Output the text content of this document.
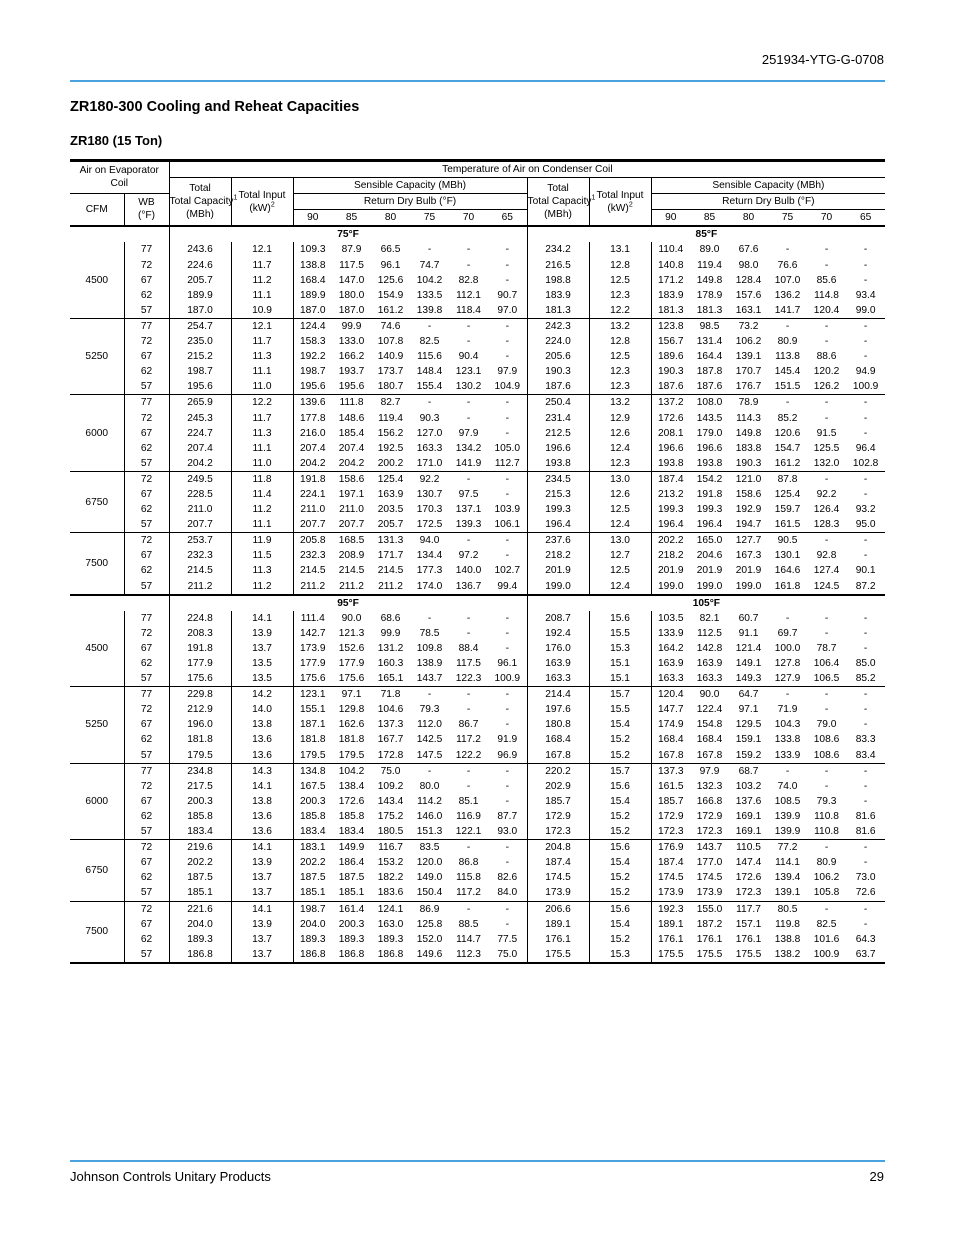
251934-YTG-G-0708
ZR180-300 Cooling and Reheat Capacities
ZR180 (15 Ton)
Air on Evaporator Coil		Temperature of Air on Condenser Coil															
		Total
Total Capacity$^1$
(MBh)	Total Input
(kW)$^2$	Sensible Capacity (MBh)						Total
Total Capacity$^1$
(MBh)	Total Input
(kW)$^2$	Sensible Capacity (MBh)					
CFM	WB
(°F)			Return Dry Bulb (°F)								Return Dry Bulb (°F)					
				90	85	80	75	70	65			90	85	80	75	70	65
		75°F								85°F							
4500	77	243.6	12.1	109.3	87.9	66.5	-	-	-	234.2	13.1	110.4	89.0	67.6	-	-	-
	72	224.6	11.7	138.8	117.5	96.1	74.7	-	-	216.5	12.8	140.8	119.4	98.0	76.6	-	-
	67	205.7	11.2	168.4	147.0	125.6	104.2	82.8	-	198.8	12.5	171.2	149.8	128.4	107.0	85.6	-
	62	189.9	11.1	189.9	180.0	154.9	133.5	112.1	90.7	183.9	12.3	183.9	178.9	157.6	136.2	114.8	93.4
	57	187.0	10.9	187.0	187.0	161.2	139.8	118.4	97.0	181.3	12.2	181.3	181.3	163.1	141.7	120.4	99.0
5250	77	254.7	12.1	124.4	99.9	74.6	-	-	-	242.3	13.2	123.8	98.5	73.2	-	-	-
	72	235.0	11.7	158.3	133.0	107.8	82.5	-	-	224.0	12.8	156.7	131.4	106.2	80.9	-	-
	67	215.2	11.3	192.2	166.2	140.9	115.6	90.4	-	205.6	12.5	189.6	164.4	139.1	113.8	88.6	-
	62	198.7	11.1	198.7	193.7	173.7	148.4	123.1	97.9	190.3	12.3	190.3	187.8	170.7	145.4	120.2	94.9
	57	195.6	11.0	195.6	195.6	180.7	155.4	130.2	104.9	187.6	12.3	187.6	187.6	176.7	151.5	126.2	100.9
6000	77	265.9	12.2	139.6	111.8	82.7	-	-	-	250.4	13.2	137.2	108.0	78.9	-	-	-
	72	245.3	11.7	177.8	148.6	119.4	90.3	-	-	231.4	12.9	172.6	143.5	114.3	85.2	-	-
	67	224.7	11.3	216.0	185.4	156.2	127.0	97.9	-	212.5	12.6	208.1	179.0	149.8	120.6	91.5	-
	62	207.4	11.1	207.4	207.4	192.5	163.3	134.2	105.0	196.6	12.4	196.6	196.6	183.8	154.7	125.5	96.4
	57	204.2	11.0	204.2	204.2	200.2	171.0	141.9	112.7	193.8	12.3	193.8	193.8	190.3	161.2	132.0	102.8
6750	72	249.5	11.8	191.8	158.6	125.4	92.2	-	-	234.5	13.0	187.4	154.2	121.0	87.8	-	-
	67	228.5	11.4	224.1	197.1	163.9	130.7	97.5	-	215.3	12.6	213.2	191.8	158.6	125.4	92.2	-
	62	211.0	11.2	211.0	211.0	203.5	170.3	137.1	103.9	199.3	12.5	199.3	199.3	192.9	159.7	126.4	93.2
	57	207.7	11.1	207.7	207.7	205.7	172.5	139.3	106.1	196.4	12.4	196.4	196.4	194.7	161.5	128.3	95.0
7500	72	253.7	11.9	205.8	168.5	131.3	94.0	-	-	237.6	13.0	202.2	165.0	127.7	90.5	-	-
	67	232.3	11.5	232.3	208.9	171.7	134.4	97.2	-	218.2	12.7	218.2	204.6	167.3	130.1	92.8	-
	62	214.5	11.3	214.5	214.5	214.5	177.3	140.0	102.7	201.9	12.5	201.9	201.9	201.9	164.6	127.4	90.1
	57	211.2	11.2	211.2	211.2	211.2	174.0	136.7	99.4	199.0	12.4	199.0	199.0	199.0	161.8	124.5	87.2
		95°F								105°F							
4500	77	224.8	14.1	111.4	90.0	68.6	-	-	-	208.7	15.6	103.5	82.1	60.7	-	-	-
	72	208.3	13.9	142.7	121.3	99.9	78.5	-	-	192.4	15.5	133.9	112.5	91.1	69.7	-	-
	67	191.8	13.7	173.9	152.6	131.2	109.8	88.4	-	176.0	15.3	164.2	142.8	121.4	100.0	78.7	-
	62	177.9	13.5	177.9	177.9	160.3	138.9	117.5	96.1	163.9	15.1	163.9	163.9	149.1	127.8	106.4	85.0
	57	175.6	13.5	175.6	175.6	165.1	143.7	122.3	100.9	163.3	15.1	163.3	163.3	149.3	127.9	106.5	85.2
5250	77	229.8	14.2	123.1	97.1	71.8	-	-	-	214.4	15.7	120.4	90.0	64.7	-	-	-
	72	212.9	14.0	155.1	129.8	104.6	79.3	-	-	197.6	15.5	147.7	122.4	97.1	71.9	-	-
	67	196.0	13.8	187.1	162.6	137.3	112.0	86.7	-	180.8	15.4	174.9	154.8	129.5	104.3	79.0	-
	62	181.8	13.6	181.8	181.8	167.7	142.5	117.2	91.9	168.4	15.2	168.4	168.4	159.1	133.8	108.6	83.3
	57	179.5	13.6	179.5	179.5	172.8	147.5	122.2	96.9	167.8	15.2	167.8	167.8	159.2	133.9	108.6	83.4
6000	77	234.8	14.3	134.8	104.2	75.0	-	-	-	220.2	15.7	137.3	97.9	68.7	-	-	-
	72	217.5	14.1	167.5	138.4	109.2	80.0	-	-	202.9	15.6	161.5	132.3	103.2	74.0	-	-
	67	200.3	13.8	200.3	172.6	143.4	114.2	85.1	-	185.7	15.4	185.7	166.8	137.6	108.5	79.3	-
	62	185.8	13.6	185.8	185.8	175.2	146.0	116.9	87.7	172.9	15.2	172.9	172.9	169.1	139.9	110.8	81.6
	57	183.4	13.6	183.4	183.4	180.5	151.3	122.1	93.0	172.3	15.2	172.3	172.3	169.1	139.9	110.8	81.6
6750	72	219.6	14.1	183.1	149.9	116.7	83.5	-	-	204.8	15.6	176.9	143.7	110.5	77.2	-	-
	67	202.2	13.9	202.2	186.4	153.2	120.0	86.8	-	187.4	15.4	187.4	177.0	147.4	114.1	80.9	-
	62	187.5	13.7	187.5	187.5	182.2	149.0	115.8	82.6	174.5	15.2	174.5	174.5	172.6	139.4	106.2	73.0
	57	185.1	13.7	185.1	185.1	183.6	150.4	117.2	84.0	173.9	15.2	173.9	173.9	172.3	139.1	105.8	72.6
7500	72	221.6	14.1	198.7	161.4	124.1	86.9	-	-	206.6	15.6	192.3	155.0	117.7	80.5	-	-
	67	204.0	13.9	204.0	200.3	163.0	125.8	88.5	-	189.1	15.4	189.1	187.2	157.1	119.8	82.5	-
	62	189.3	13.7	189.3	189.3	189.3	152.0	114.7	77.5	176.1	15.2	176.1	176.1	176.1	138.8	101.6	64.3
	57	186.8	13.7	186.8	186.8	186.8	149.6	112.3	75.0	175.5	15.3	175.5	175.5	175.5	138.2	100.9	63.7
Johnson Controls Unitary Products	29
